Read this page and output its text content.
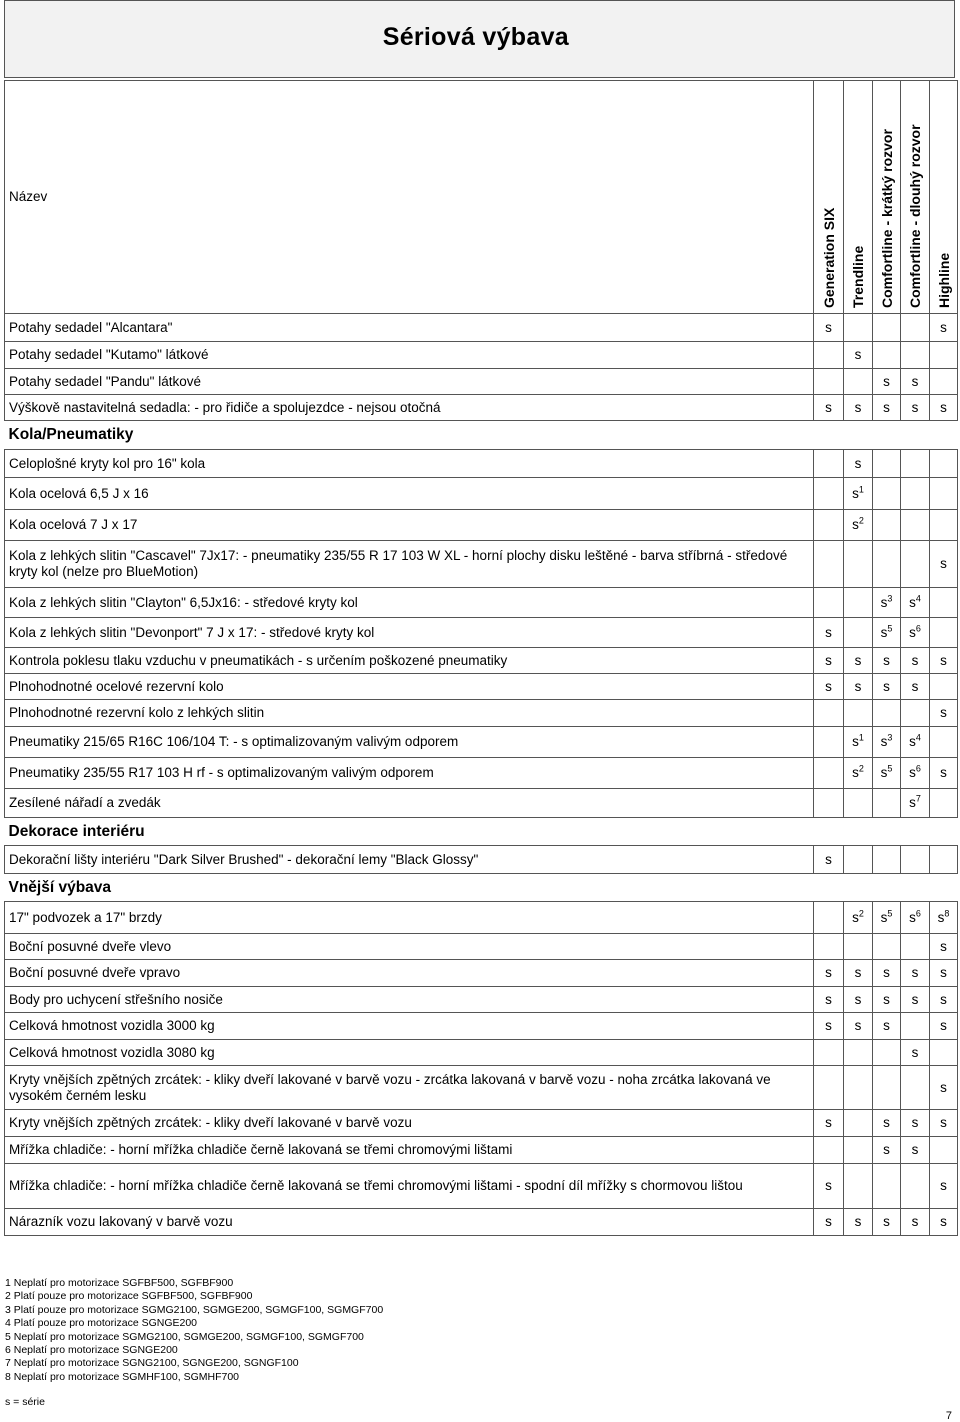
Sériová výbava
Název	Generation SIX	Trendline	Comfortline - krátký rozvor	Comfortline - dlouhý rozvor	Highline

Potahy sedadel "Alcantara"	s				s
Potahy sedadel "Kutamo" látkové		s			
Potahy sedadel "Pandu" látkové			s	s	
Výškově nastavitelná sedadla: - pro řidiče a spolujezdce - nejsou otočná	s	s	s	s	s
Kola/Pneumatiky					
Celoplošné kryty kol pro 16" kola		s			
Kola ocelová 6,5 J x 16		$s^1$			
Kola ocelová 7 J x 17		$s^2$			
Kola z lehkých slitin "Cascavel" 7Jx17: - pneumatiky 235/55 R 17 103 W XL - horní plochy disku leštěné - barva stříbrná - středové kryty kol (nelze pro BlueMotion)					s
Kola z lehkých slitin "Clayton" 6,5Jx16: - středové kryty kol			$s^3$	$s^4$	
Kola z lehkých slitin "Devonport" 7 J x 17: - středové kryty kol	s		$s^5$	$s^6$	
Kontrola poklesu tlaku vzduchu v pneumatikách - s určením poškozené pneumatiky	s	s	s	s	s
Plnohodnotné ocelové rezervní kolo	s	s	s	s	
Plnohodnotné rezervní kolo z lehkých slitin					s
Pneumatiky 215/65 R16C 106/104 T: - s optimalizovaným valivým odporem		$s^1$	$s^3$	$s^4$	
Pneumatiky 235/55 R17 103 H rf - s optimalizovaným valivým odporem		$s^2$	$s^5$	$s^6$	s
Zesílené nářadí a zvedák				$s^7$	
Dekorace interiéru					
Dekorační lišty interiéru "Dark Silver Brushed" - dekorační lemy "Black Glossy"	s				
Vnější výbava					
17" podvozek a 17" brzdy		$s^2$	$s^5$	$s^6$	$s^8$
Boční posuvné dveře vlevo					s
Boční posuvné dveře vpravo	s	s	s	s	s
Body pro uchycení střešního nosiče	s	s	s	s	s
Celková hmotnost vozidla 3000 kg	s	s	s		s
Celková hmotnost vozidla 3080 kg				s	
Kryty vnějších zpětných zrcátek: - kliky dveří lakované v barvě vozu - zrcátka lakovaná v barvě vozu - noha zrcátka lakovaná ve vysokém černém lesku					s
Kryty vnějších zpětných zrcátek: - kliky dveří lakované v barvě vozu	s		s	s	s
Mřížka chladiče: - horní mřížka chladiče černě lakovaná se třemi chromovými lištami			s	s	
Mřížka chladiče: - horní mřížka chladiče černě lakovaná se třemi chromovými lištami - spodní díl mřížky s chormovou lištou	s				s
Nárazník vozu lakovaný v barvě vozu	s	s	s	s	s
1 Neplatí pro motorizace SGFBF500, SGFBF900
2 Platí pouze pro motorizace SGFBF500, SGFBF900
3 Platí pouze pro motorizace SGMG2100, SGMGE200, SGMGF100, SGMGF700
4 Platí pouze pro motorizace SGNGE200
5 Neplatí pro motorizace SGMG2100, SGMGE200, SGMGF100, SGMGF700
6 Neplatí pro motorizace SGNGE200
7 Neplatí pro motorizace SGNG2100, SGNGE200, SGNGF100
8 Neplatí pro motorizace SGMHF100, SGMHF700
s = série
7
